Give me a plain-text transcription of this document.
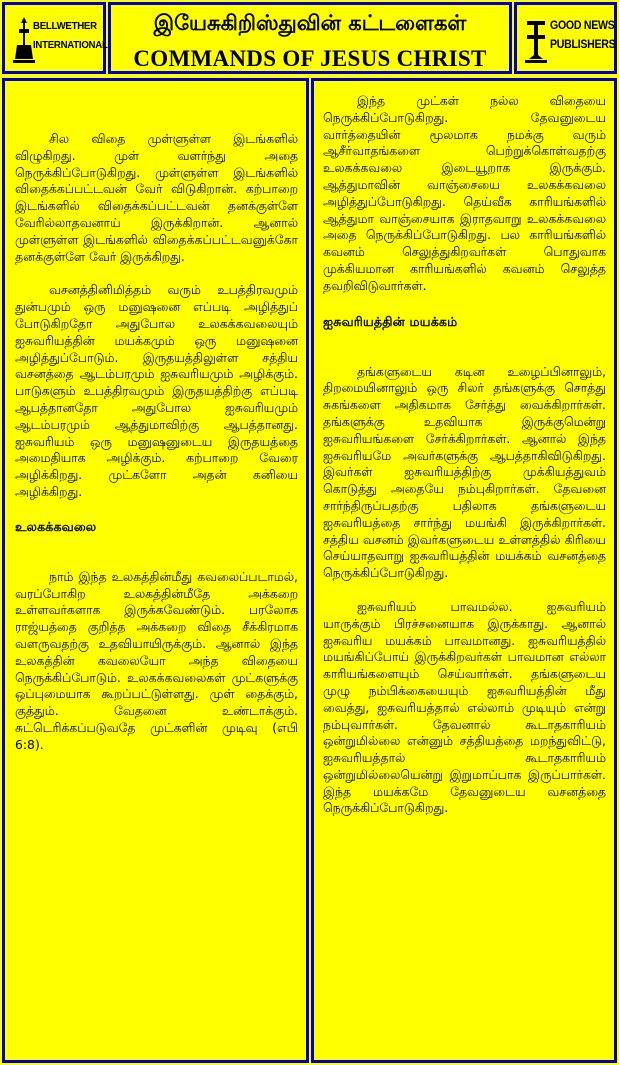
BELLWETHER
INTERNATIONAL
இயேசுகிறிஸ்துவின் கட்டளைகள்
COMMANDS OF JESUS CHRIST
GOOD NEWS
PUBLISHERS

சில விதை முள்ளுள்ள இடங்களில் விழுகிறது. முள் வளர்ந்து அதை நெருக்கிப்போடுகிறது. முள்ளுள்ள இடங்களில் விதைக்கப்பட்டவன் வேர் விடுகிறான். கற்பாறை இடங்களில் விதைக்கப்பட்டவன் தனக்குள்ளே வேரில்லாதவனாய் இருக்கிறான். ஆனால் முள்ளுள்ள இடங்களில் விதைக்கப்பட்டவனுக்கோ தனக்குள்ளே வேர் இருக்கிறது.

வசனத்தினிமித்தம் வரும் உபத்திரவமும் துன்பமும் ஒரு மனுஷனை எப்படி அழித்துப் போடுகிறதோ அதுபோல உலகக்கவலையும் ஐசுவரியத்தின் மயக்கமும் ஒரு மனுஷனை அழித்துப்போடும். இருதயத்திலுள்ள சத்திய வசனத்தை ஆடம்பரமும் ஐசுவரியமும் அழிக்கும். பாடுகளும் உபத்திரவமும் இருதயத்திற்கு எப்படி ஆபத்தானதோ அதுபோல ஐசுவரியமும் ஆடம்பரமும் ஆத்துமாவிற்கு ஆபத்தானது. ஐசுவரியம் ஒரு மனுஷனுடைய இருதயத்தை அமைதியாக அழிக்கும். கற்பாறை வேரை அழிக்கிறது. முட்களோ அதன் கனியை அழிக்கிறது.

உலகக்கவலை

நாம் இந்த உலகத்தின்மீது கவலைப்படாமல், வரப்போகிற உலகத்தின்மீதே அக்கறை உள்ளவர்களாக இருக்கவேண்டும். பரலோக ராஜ்யத்தை குறித்த அக்கறை விதை சீக்கிரமாக வளருவதற்கு உதவியாயிருக்கும். ஆனால் இந்த உலகத்தின் கவலையோ அந்த விதையை நெருக்கிப்போடும். உலகக்கவலைகள் முட்களுக்கு ஒப்புமையாக கூறப்பட்டுள்ளது. முள் தைக்கும், குத்தும். வேதனை உண்டாக்கும். சுட்டெரிக்கப்படுவதே முட்களின் முடிவு (எபி 6:8).

இந்த முட்கள் நல்ல விதையை நெருக்கிப்போடுகிறது. தேவனுடைய வார்த்தையின் மூலமாக நமக்கு வரும் ஆசீர்வாதங்களை பெற்றுக்கொள்வதற்கு உலகக்கவலை இடையூறாக இருக்கும். ஆத்துமாவின் வாஞ்சையை உலகக்கவலை அழித்துப்போடுகிறது. தெய்வீக காரியங்களில் ஆத்துமா வாஞ்சையாக இராதவாறு உலகக்கவலை அதை நெருக்கிப்போடுகிறது. பல காரியங்களில் கவனம் செலுத்துகிறவர்கள் பொதுவாக முக்கியமான காரியங்களில் கவனம் செலுத்த தவறிவிடுவார்கள்.

ஐசுவரியத்தின் மயக்கம்

தங்களுடைய கடின உழைப்பினாலும், திறமையினாலும் ஒரு சிலர் தங்களுக்கு சொத்து சுகங்களை அதிகமாக சேர்த்து வைக்கிறார்கள். தங்களுக்கு உதவியாக இருக்குமென்று ஐசுவரியங்களை சேர்க்கிறார்கள். ஆனால் இந்த ஐசுவரியமே அவர்களுக்கு ஆபத்தாகிவிடுகிறது. இவர்கள் ஐசுவரியத்திற்கு முக்கியத்துவம் கொடுத்து அதையே நம்புகிறார்கள். தேவனை சார்ந்திருப்பதற்கு பதிலாக தங்களுடைய ஐசுவரியத்தை சார்ந்து மயங்கி இருக்கிறார்கள். சத்திய வசனம் இவர்களுடைய உள்ளத்தில் கிரியை செய்யாதவாறு ஐசுவரியத்தின் மயக்கம் வசனத்தை நெருக்கிப்போடுகிறது.

ஐசுவரியம் பாவமல்ல. ஐசுவரியம் யாருக்கும் பிரச்சனையாக இருக்காது. ஆனால் ஐசுவரிய மயக்கம் பாவமானது. ஐசுவரியத்தில் மயங்கிப்போய் இருக்கிறவர்கள் பாவமான எல்லா காரியங்களையும் செய்வார்கள். தங்களுடைய முழு நம்பிக்கையையும் ஐசுவரியத்தின் மீது வைத்து, ஐசுவரியத்தால் எல்லாம் முடியும் என்று நம்புவார்கள். தேவனால் கூடாதகாரியம் ஒன்றுமில்லை என்னும் சத்தியத்தை மறந்துவிட்டு, ஐசுவரியத்தால் கூடாதகாரியம் ஒன்றுமில்லையென்று இறுமாப்பாக இருப்பார்கள். இந்த மயக்கமே தேவனுடைய வசனத்தை நெருக்கிப்போடுகிறது.
